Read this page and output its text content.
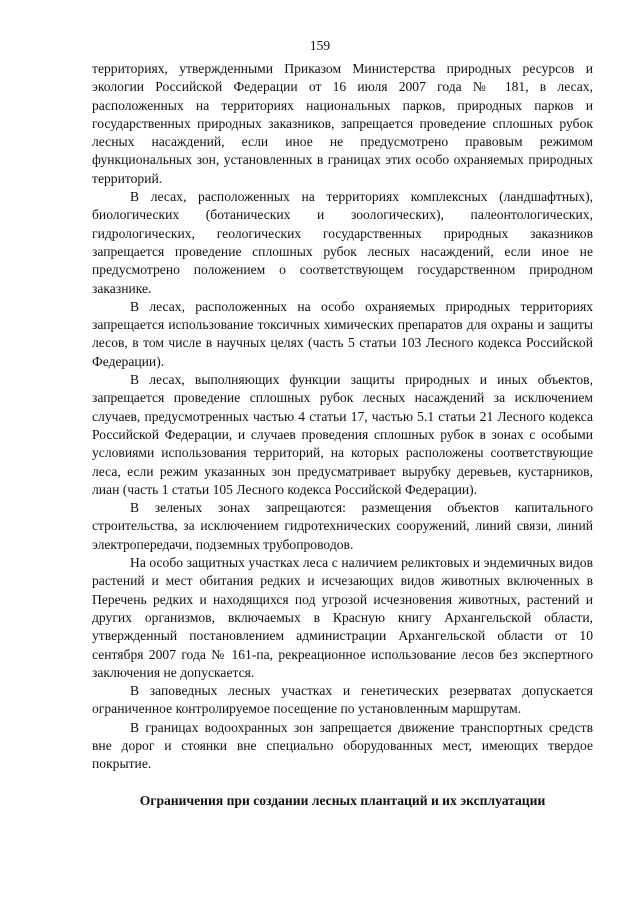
159

территориях, утвержденными Приказом Министерства природных ресурсов и экологии Российской Федерации от 16 июля 2007 года № 181, в лесах, расположенных на территориях национальных парков, природных парков и государственных природных заказников, запрещается проведение сплошных рубок лесных насаждений, если иное не предусмотрено правовым режимом функциональных зон, установленных в границах этих особо охраняемых природных территорий.

В лесах, расположенных на территориях комплексных (ландшафтных), биологических (ботанических и зоологических), палеонтологических, гидрологических, геологических государственных природных заказников запрещается проведение сплошных рубок лесных насаждений, если иное не предусмотрено положением о соответствующем государственном природном заказнике.

В лесах, расположенных на особо охраняемых природных территориях запрещается использование токсичных химических препаратов для охраны и защиты лесов, в том числе в научных целях (часть 5 статьи 103 Лесного кодекса Российской Федерации).

В лесах, выполняющих функции защиты природных и иных объектов, запрещается проведение сплошных рубок лесных насаждений за исключением случаев, предусмотренных частью 4 статьи 17, частью 5.1 статьи 21 Лесного кодекса Российской Федерации, и случаев проведения сплошных рубок в зонах с особыми условиями использования территорий, на которых расположены соответствующие леса, если режим указанных зон предусматривает вырубку деревьев, кустарников, лиан (часть 1 статьи 105 Лесного кодекса Российской Федерации).

В зеленых зонах запрещаются: размещения объектов капитального строительства, за исключением гидротехнических сооружений, линий связи, линий электропередачи, подземных трубопроводов.

На особо защитных участках леса с наличием реликтовых и эндемичных видов растений и мест обитания редких и исчезающих видов животных включенных в Перечень редких и находящихся под угрозой исчезновения животных, растений и других организмов, включаемых в Красную книгу Архангельской области, утвержденный постановлением администрации Архангельской области от 10 сентября 2007 года № 161-па, рекреационное использование лесов без экспертного заключения не допускается.

В заповедных лесных участках и генетических резерватах допускается ограниченное контролируемое посещение по установленным маршрутам.

В границах водоохранных зон запрещается движение транспортных средств вне дорог и стоянки вне специально оборудованных мест, имеющих твердое покрытие.

Ограничения при создании лесных плантаций и их эксплуатации
